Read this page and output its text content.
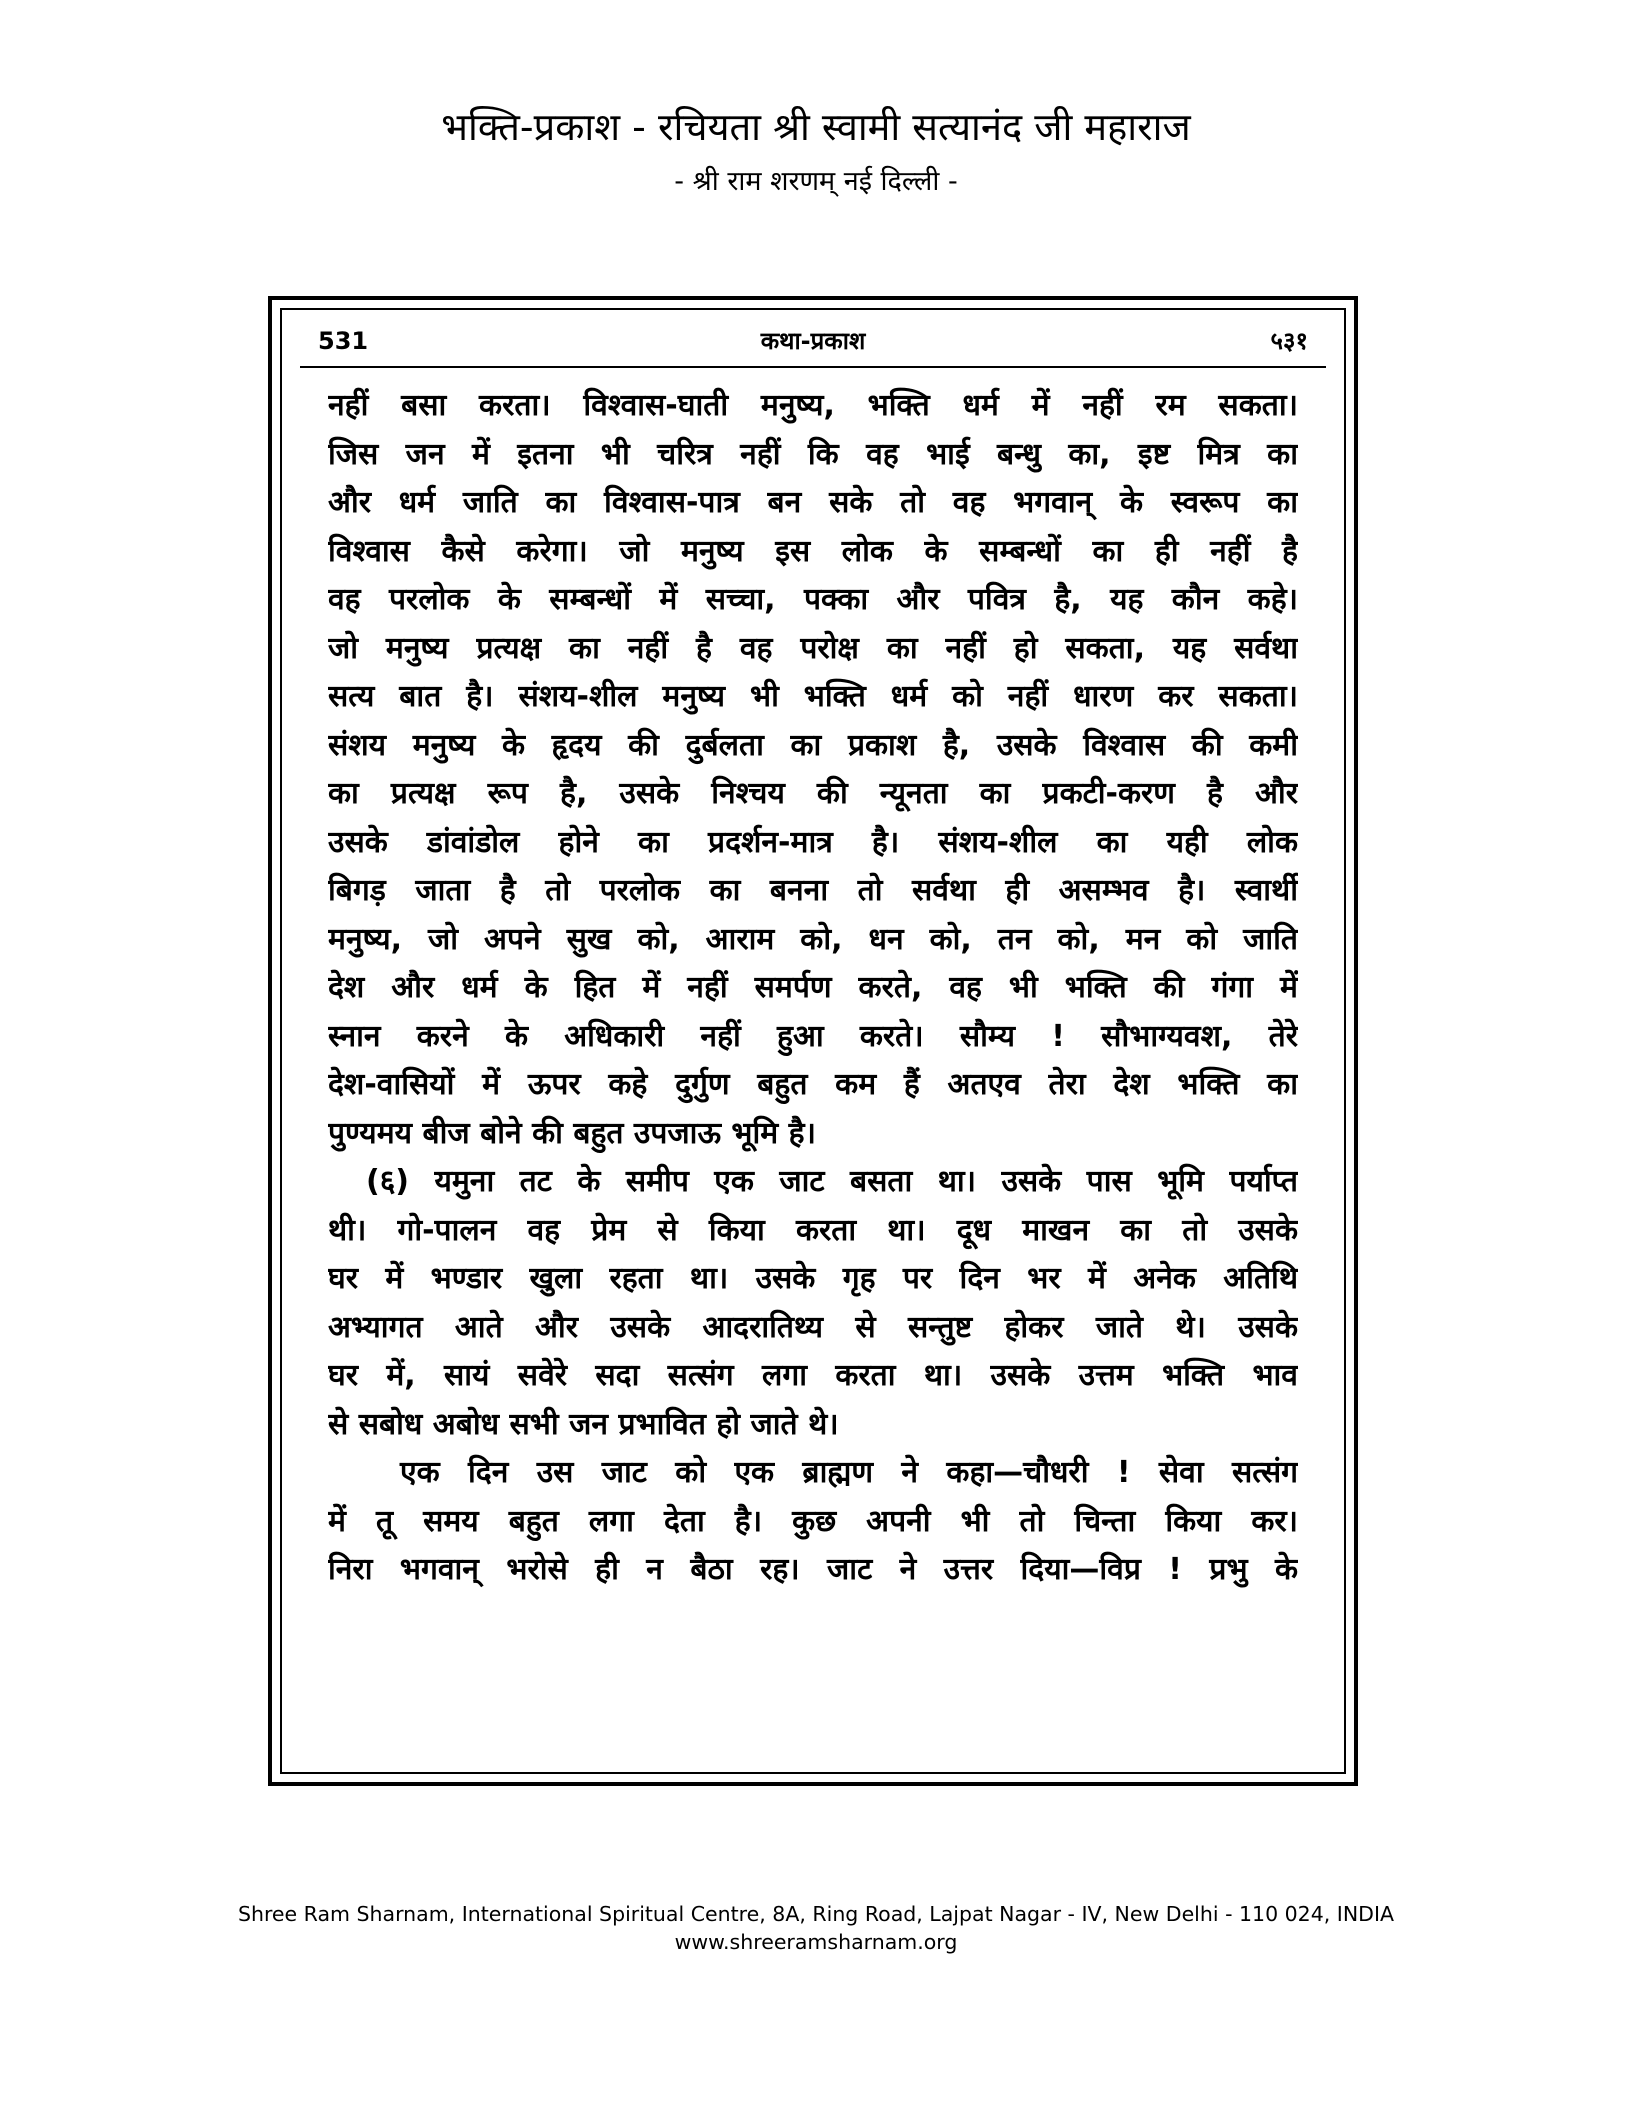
भक्ति-प्रकाश - रचियता श्री स्वामी सत्यानंद जी महाराज
- श्री राम शरणम् नई दिल्ली -
531	कथा-प्रकाश	५३१
नहीं बसा करता। विश्वास-घाती मनुष्य, भक्ति धर्म में नहीं रम सकता।
जिस जन में इतना भी चरित्र नहीं कि वह भाई बन्धु का, इष्ट मित्र का
और धर्म जाति का विश्वास-पात्र बन सके तो वह भगवान् के स्वरूप का
विश्वास कैसे करेगा। जो मनुष्य इस लोक के सम्बन्धों का ही नहीं है
वह परलोक के सम्बन्धों में सच्चा, पक्का और पवित्र है, यह कौन कहे।
जो मनुष्य प्रत्यक्ष का नहीं है वह परोक्ष का नहीं हो सकता, यह सर्वथा
सत्य बात है। संशय-शील मनुष्य भी भक्ति धर्म को नहीं धारण कर सकता।
संशय मनुष्य के हृदय की दुर्बलता का प्रकाश है, उसके विश्वास की कमी
का प्रत्यक्ष रूप है, उसके निश्चय की न्यूनता का प्रकटी-करण है और
उसके डांवांडोल होने का प्रदर्शन-मात्र है। संशय-शील का यही लोक
बिगड़ जाता है तो परलोक का बनना तो सर्वथा ही असम्भव है। स्वार्थी
मनुष्य, जो अपने सुख को, आराम को, धन को, तन को, मन को जाति
देश और धर्म के हित में नहीं समर्पण करते, वह भी भक्ति की गंगा में
स्नान करने के अधिकारी नहीं हुआ करते। सौम्य ! सौभाग्यवश, तेरे
देश-वासियों में ऊपर कहे दुर्गुण बहुत कम हैं अतएव तेरा देश भक्ति का
पुण्यमय बीज बोने की बहुत उपजाऊ भूमि है।
(६) यमुना तट के समीप एक जाट बसता था। उसके पास भूमि पर्याप्त
थी। गो-पालन वह प्रेम से किया करता था। दूध माखन का तो उसके
घर में भण्डार खुला रहता था। उसके गृह पर दिन भर में अनेक अतिथि
अभ्यागत आते और उसके आदरातिथ्य से सन्तुष्ट होकर जाते थे। उसके
घर में, सायं सवेरे सदा सत्संग लगा करता था। उसके उत्तम भक्ति भाव
से सबोध अबोध सभी जन प्रभावित हो जाते थे।
एक दिन उस जाट को एक ब्राह्मण ने कहा—चौधरी ! सेवा सत्संग
में तू समय बहुत लगा देता है। कुछ अपनी भी तो चिन्ता किया कर।
निरा भगवान् भरोसे ही न बैठा रह। जाट ने उत्तर दिया—विप्र ! प्रभु के
Shree Ram Sharnam, International Spiritual Centre, 8A, Ring Road, Lajpat Nagar - IV, New Delhi - 110 024, INDIA
www.shreeramsharnam.org
